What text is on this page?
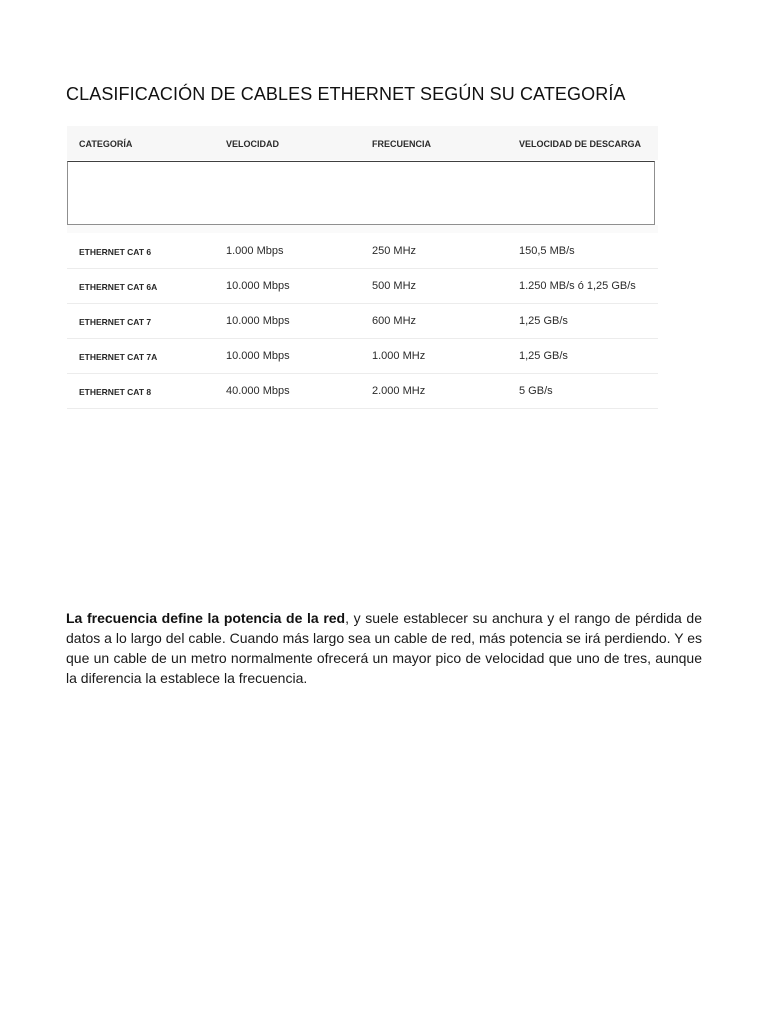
CLASIFICACIÓN DE CABLES ETHERNET SEGÚN SU CATEGORÍA
CATEGORÍA	VELOCIDAD	FRECUENCIA	VELOCIDAD DE DESCARGA
ETHERNET CAT 6	1.000 Mbps	250 MHz	150,5 MB/s
ETHERNET CAT 6A	10.000 Mbps	500 MHz	1.250 MB/s ó 1,25 GB/s
ETHERNET CAT 7	10.000 Mbps	600 MHz	1,25 GB/s
ETHERNET CAT 7A	10.000 Mbps	1.000 MHz	1,25 GB/s
ETHERNET CAT 8	40.000 Mbps	2.000 MHz	5 GB/s

La frecuencia define la potencia de la red, y suele establecer su anchura y el rango de pérdida de datos a lo largo del cable. Cuando más largo sea un cable de red, más potencia se irá perdiendo. Y es que un cable de un metro normalmente ofrecerá un mayor pico de velocidad que uno de tres, aunque la diferencia la establece la frecuencia.
